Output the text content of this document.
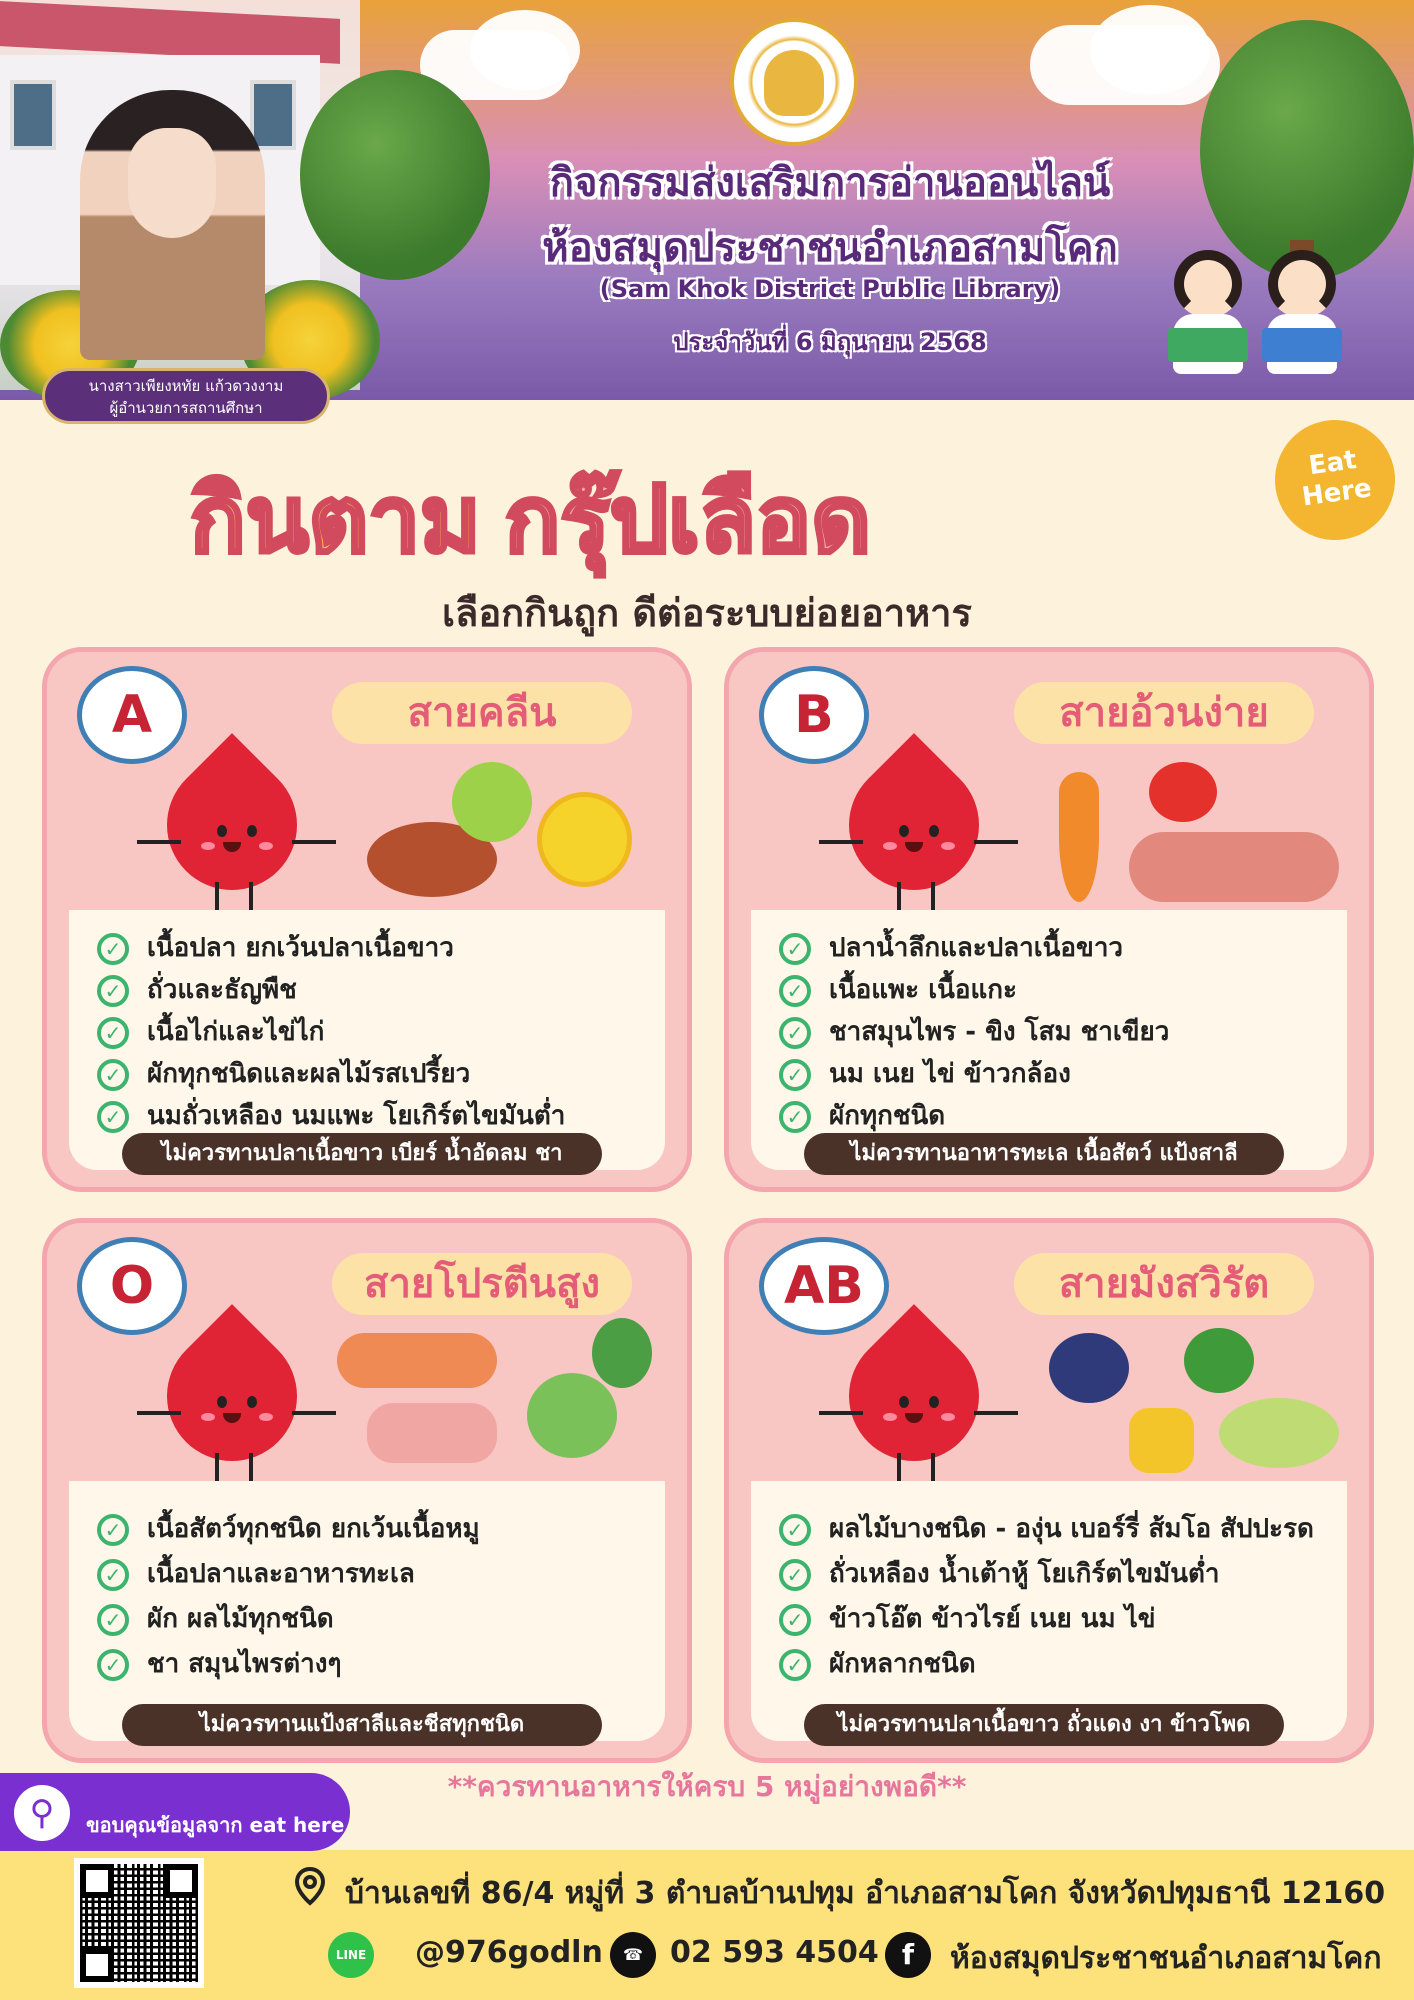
กิจกรรมส่งเสริมการอ่านออนไลน์
ห้องสมุดประชาชนอำเภอสามโคก
(Sam Khok District Public Library)
ประจำวันที่ 6 มิถุนายน 2568
นางสาวเพียงหทัย แก้วดวงงาม
ผู้อำนวยการสถานศึกษา
กินตาม กรุ๊ปเลือด
Eat Here
เลือกกินถูก ดีต่อระบบย่อยอาหาร
A	สายคลีน	B	สายอ้วนง่าย
O	สายโปรตีนสูง	AB	สายมังสวิรัต
✓ เนื้อปลา ยกเว้นปลาเนื้อขาว
✓ ถั่วและธัญพืช
✓ เนื้อไก่และไข่ไก่
✓ ผักทุกชนิดและผลไม้รสเปรี้ยว
✓ นมถั่วเหลือง นมแพะ โยเกิร์ตไขมันต่ำ
ไม่ควรทานปลาเนื้อขาว เบียร์ น้ำอัดลม ชา
✓ ปลาน้ำลึกและปลาเนื้อขาว
✓ เนื้อแพะ เนื้อแกะ
✓ ชาสมุนไพร - ขิง โสม ชาเขียว
✓ นม เนย ไข่ ข้าวกล้อง
✓ ผักทุกชนิด
ไม่ควรทานอาหารทะเล เนื้อสัตว์ แป้งสาลี
✓ เนื้อสัตว์ทุกชนิด ยกเว้นเนื้อหมู
✓ เนื้อปลาและอาหารทะเล
✓ ผัก ผลไม้ทุกชนิด
✓ ชา สมุนไพรต่างๆ
ไม่ควรทานแป้งสาลีและชีสทุกชนิด
✓ ผลไม้บางชนิด - องุ่น เบอร์รี่ ส้มโอ สัปปะรด
✓ ถั่วเหลือง น้ำเต้าหู้ โยเกิร์ตไขมันต่ำ
✓ ข้าวโอ๊ต ข้าวไรย์ เนย นม ไข่
✓ ผักหลากชนิด
ไม่ควรทานปลาเนื้อขาว ถั่วแดง งา ข้าวโพด
**ควรทานอาหารให้ครบ 5 หมู่อย่างพอดี**
⚲	ขอบคุณข้อมูลจาก eat here
บ้านเลขที่ 86/4 หมู่ที่ 3 ตำบลบ้านปทุม อำเภอสามโคก จังหวัดปทุมธานี 12160
LINE @976godln	☎ 02 593 4504 f	ห้องสมุดประชาชนอำเภอสามโคก
